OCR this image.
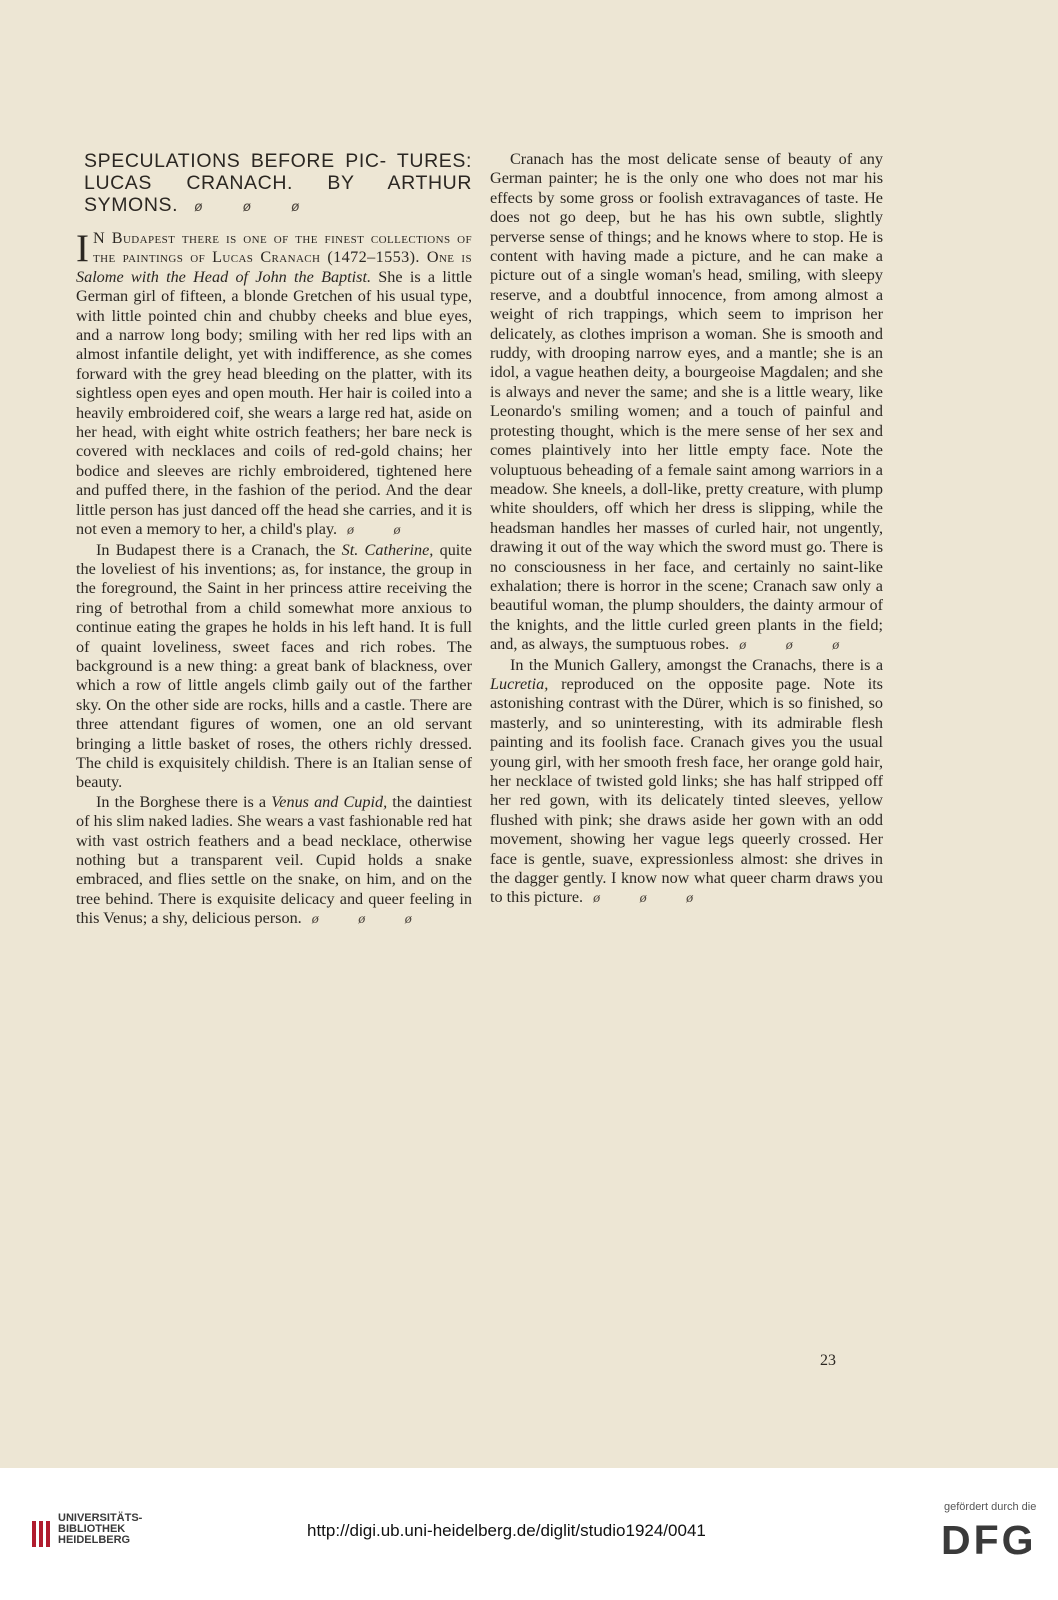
SPECULATIONS BEFORE PIC- TURES: LUCAS CRANACH. BY ARTHUR SYMONS. ø ø ø

I N Budapest there is one of the finest collections of the paintings of Lucas Cranach (1472–1553). One is Salome with the Head of John the Baptist. She is a little German girl of fifteen, a blonde Gretchen of his usual type, with little pointed chin and chubby cheeks and blue eyes, and a narrow long body; smiling with her red lips with an almost infantile delight, yet with indifference, as she comes forward with the grey head bleeding on the platter, with its sightless open eyes and open mouth. Her hair is coiled into a heavily embroidered coif, she wears a large red hat, aside on her head, with eight white ostrich feathers; her bare neck is covered with necklaces and coils of red-gold chains; her bodice and sleeves are richly embroidered, tightened here and puffed there, in the fashion of the period. And the dear little person has just danced off the head she carries, and it is not even a memory to her, a child's play. ø ø

In Budapest there is a Cranach, the St. Catherine, quite the loveliest of his inventions; as, for instance, the group in the foreground, the Saint in her princess attire receiving the ring of betrothal from a child somewhat more anxious to continue eating the grapes he holds in his left hand. It is full of quaint loveliness, sweet faces and rich robes. The background is a new thing: a great bank of blackness, over which a row of little angels climb gaily out of the farther sky. On the other side are rocks, hills and a castle. There are three attendant figures of women, one an old servant bringing a little basket of roses, the others richly dressed. The child is exquisitely childish. There is an Italian sense of beauty.

In the Borghese there is a Venus and Cupid, the daintiest of his slim naked ladies. She wears a vast fashionable red hat with vast ostrich feathers and a bead necklace, otherwise nothing but a transparent veil. Cupid holds a snake embraced, and flies settle on the snake, on him, and on the tree behind. There is exquisite delicacy and queer feeling in this Venus; a shy, delicious person. ø ø ø

Cranach has the most delicate sense of beauty of any German painter; he is the only one who does not mar his effects by some gross or foolish extravagances of taste. He does not go deep, but he has his own subtle, slightly perverse sense of things; and he knows where to stop. He is content with having made a picture, and he can make a picture out of a single woman's head, smiling, with sleepy reserve, and a doubtful innocence, from among almost a weight of rich trappings, which seem to imprison her delicately, as clothes imprison a woman. She is smooth and ruddy, with drooping narrow eyes, and a mantle; she is an idol, a vague heathen deity, a bourgeoise Magdalen; and she is always and never the same; and she is a little weary, like Leonardo's smiling women; and a touch of painful and protesting thought, which is the mere sense of her sex and comes plaintively into her little empty face. Note the voluptuous beheading of a female saint among warriors in a meadow. She kneels, a doll-like, pretty creature, with plump white shoulders, off which her dress is slipping, while the headsman handles her masses of curled hair, not ungently, drawing it out of the way which the sword must go. There is no consciousness in her face, and certainly no saint-like exhalation; there is horror in the scene; Cranach saw only a beautiful woman, the plump shoulders, the dainty armour of the knights, and the little curled green plants in the field; and, as always, the sumptuous robes. ø ø ø

In the Munich Gallery, amongst the Cranachs, there is a Lucretia, reproduced on the opposite page. Note its astonishing contrast with the Dürer, which is so finished, so masterly, and so uninteresting, with its admirable flesh painting and its foolish face. Cranach gives you the usual young girl, with her smooth fresh face, her orange gold hair, her necklace of twisted gold links; she has half stripped off her red gown, with its delicately tinted sleeves, yellow flushed with pink; she draws aside her gown with an odd movement, showing her vague legs queerly crossed. Her face is gentle, suave, expressionless almost: she drives in the dagger gently. I know now what queer charm draws you to this picture. ø ø ø

23
UNIVERSITÄTS-
BIBLIOTHEK
HEIDELBERG	http://digi.ub.uni-heidelberg.de/diglit/studio1924/0041
gefördert durch die
DFG
